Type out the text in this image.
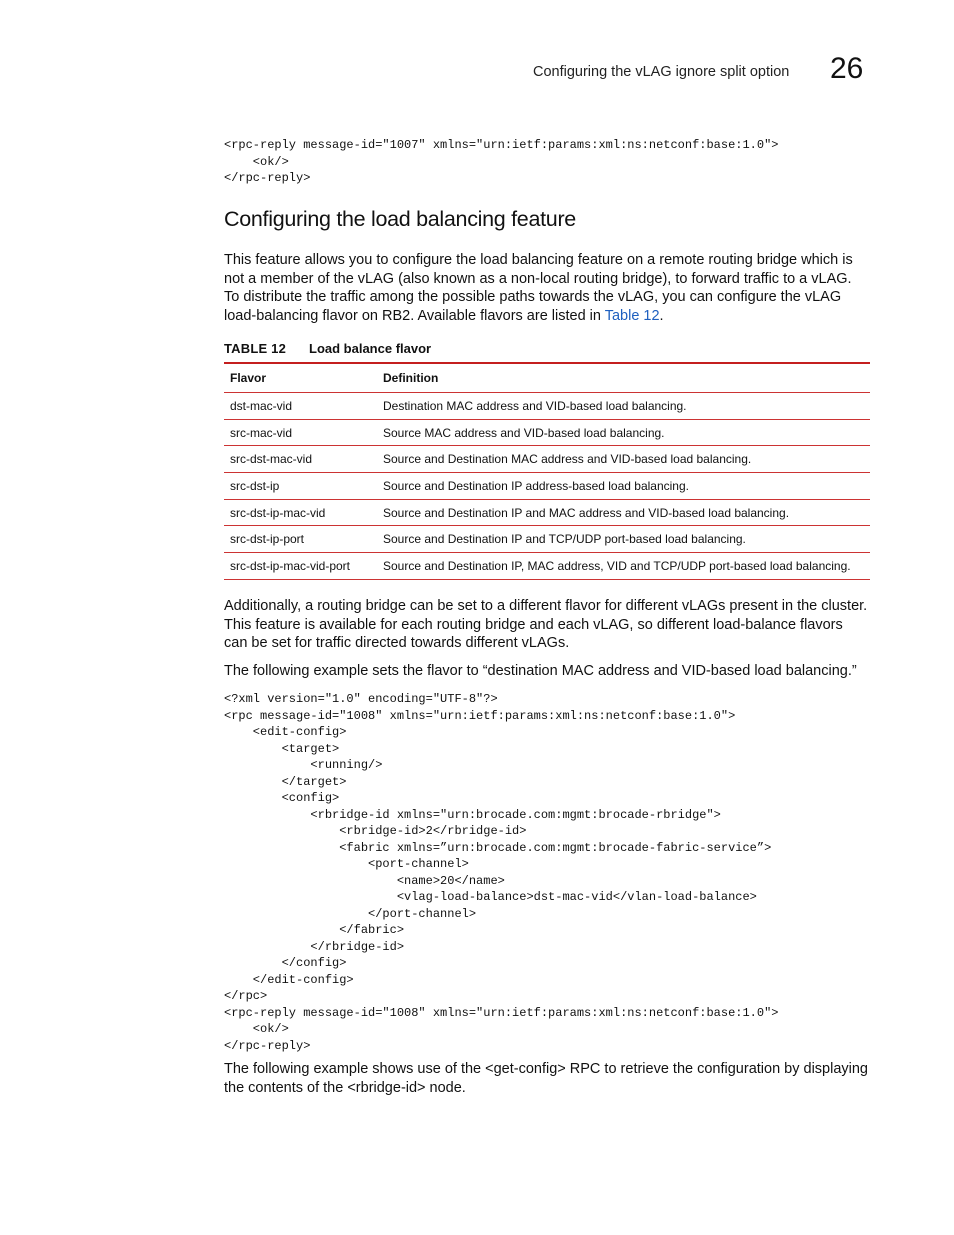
Configuring the vLAG ignore split option 26
<rpc-reply message-id="1007" xmlns="urn:ietf:params:xml:ns:netconf:base:1.0">
<ok/>
</rpc-reply>
Configuring the load balancing feature

This feature allows you to configure the load balancing feature on a remote routing bridge which is not a member of the vLAG (also known as a non-local routing bridge), to forward traffic to a vLAG. To distribute the traffic among the possible paths towards the vLAG, you can configure the vLAG load-balancing flavor on RB2. Available flavors are listed in Table 12.

TABLE 12 Load balance flavor
Flavor	Definition
dst-mac-vid	Destination MAC address and VID-based load balancing.
src-mac-vid	Source MAC address and VID-based load balancing.
src-dst-mac-vid	Source and Destination MAC address and VID-based load balancing.
src-dst-ip	Source and Destination IP address-based load balancing.
src-dst-ip-mac-vid	Source and Destination IP and MAC address and VID-based load balancing.
src-dst-ip-port	Source and Destination IP and TCP/UDP port-based load balancing.
src-dst-ip-mac-vid-port	Source and Destination IP, MAC address, VID and TCP/UDP port-based load balancing.

Additionally, a routing bridge can be set to a different flavor for different vLAGs present in the cluster. This feature is available for each routing bridge and each vLAG, so different load-balance flavors can be set for traffic directed towards different vLAGs.

The following example sets the flavor to “destination MAC address and VID-based load balancing.”

<?xml version="1.0" encoding="UTF-8"?>
<rpc message-id="1008" xmlns="urn:ietf:params:xml:ns:netconf:base:1.0">
<edit-config>
<target>
<running/>
</target>
<config>
<rbridge-id xmlns="urn:brocade.com:mgmt:brocade-rbridge">
<rbridge-id>2</rbridge-id>
<fabric xmlns=”urn:brocade.com:mgmt:brocade-fabric-service”>
<port-channel>
<name>20</name>
<vlag-load-balance>dst-mac-vid</vlan-load-balance>
</port-channel>
</fabric>
</rbridge-id>
</config>
</edit-config>
</rpc>
<rpc-reply message-id="1008" xmlns="urn:ietf:params:xml:ns:netconf:base:1.0">
<ok/>
</rpc-reply>

The following example shows use of the <get-config> RPC to retrieve the configuration by displaying the contents of the <rbridge-id> node.
